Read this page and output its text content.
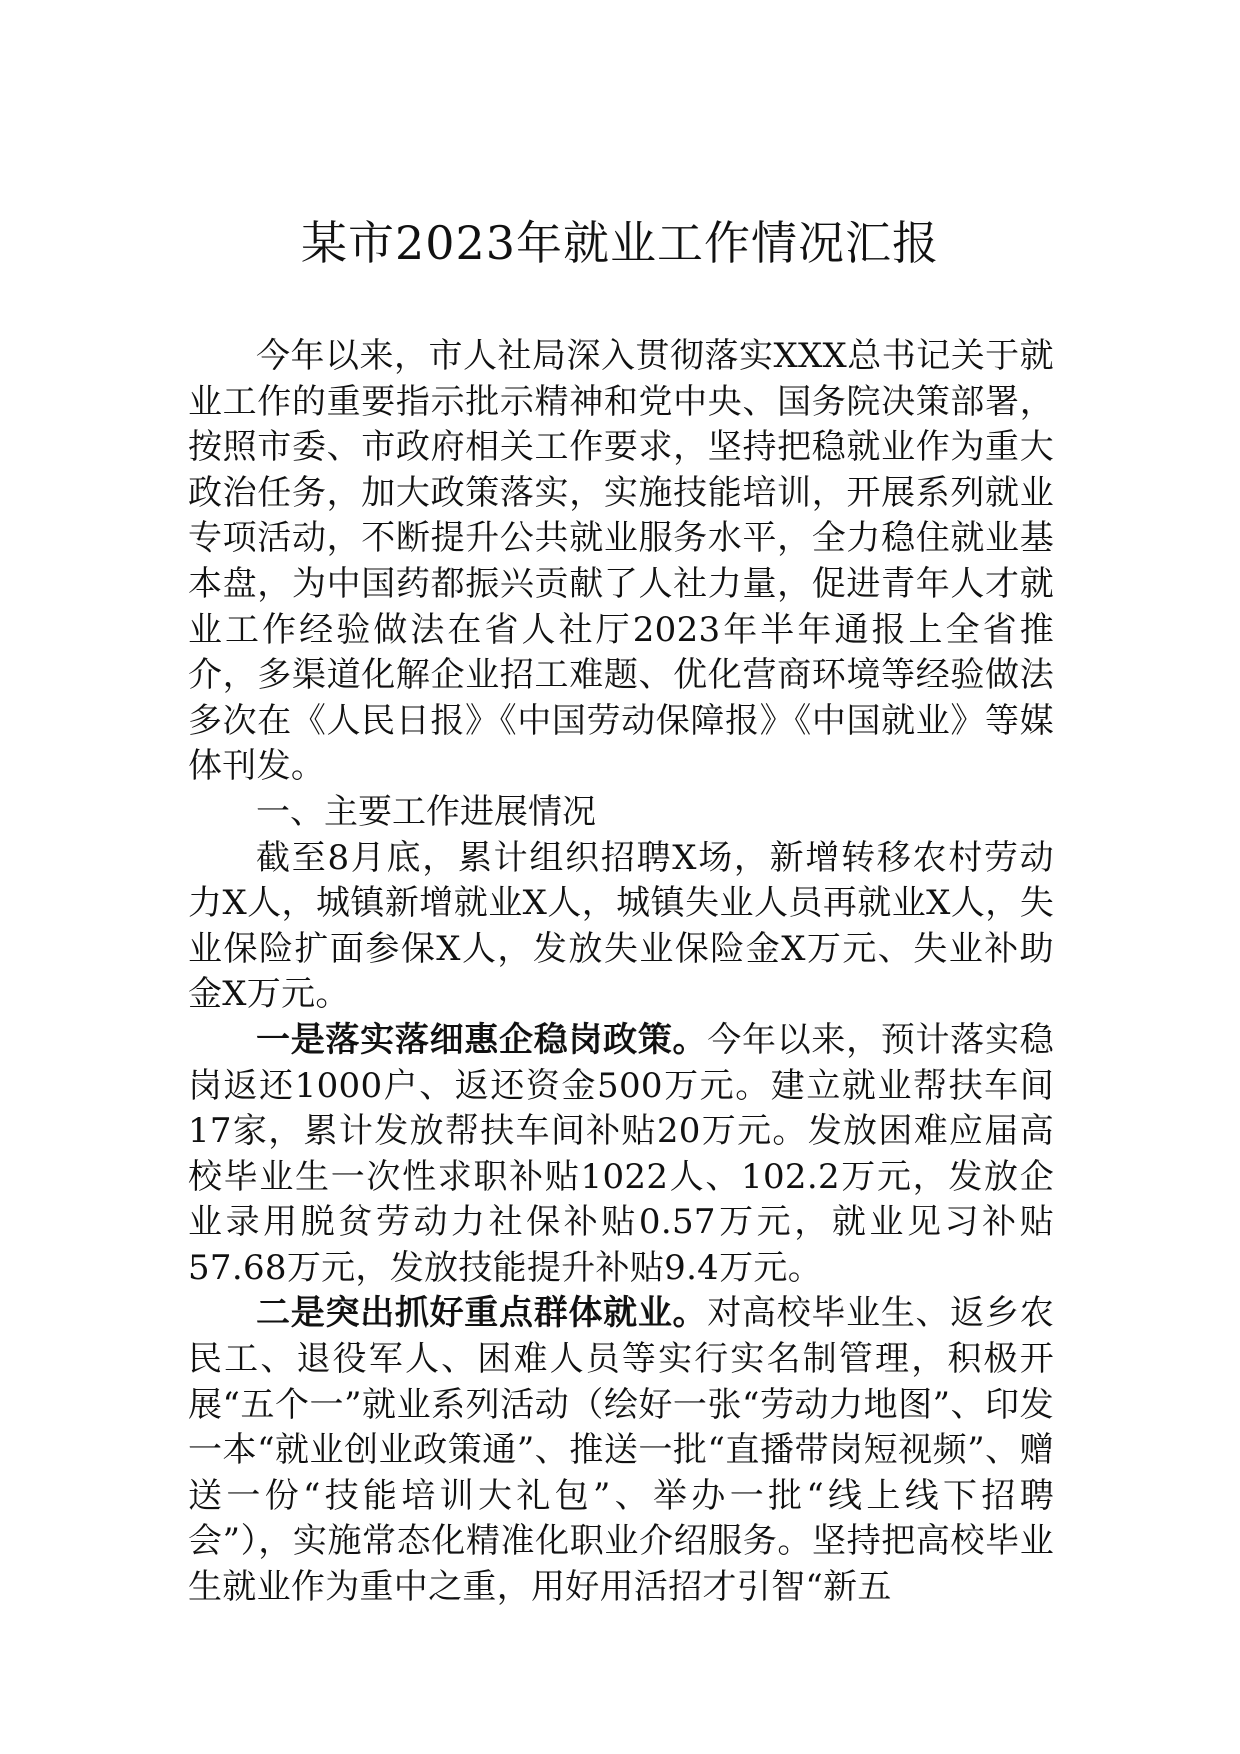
某市2023年就业工作情况汇报

今年以来，市人社局深入贯彻落实XXX总书记关于就业工作的重要指示批示精神和党中央、国务院决策部署，按照市委、市政府相关工作要求，坚持把稳就业作为重大政治任务，加大政策落实，实施技能培训，开展系列就业专项活动，不断提升公共就业服务水平，全力稳住就业基本盘，为中国药都振兴贡献了人社力量，促进青年人才就业工作经验做法在省人社厅2023年半年通报上全省推介，多渠道化解企业招工难题、优化营商环境等经验做法多次在《人民日报》《中国劳动保障报》《中国就业》等媒体刊发。

一、主要工作进展情况

截至8月底，累计组织招聘X场，新增转移农村劳动力X人，城镇新增就业X人，城镇失业人员再就业X人，失业保险扩面参保X人，发放失业保险金X万元、失业补助金X万元。

一是落实落细惠企稳岗政策。今年以来，预计落实稳岗返还1000户、返还资金500万元。建立就业帮扶车间17家，累计发放帮扶车间补贴20万元。发放困难应届高校毕业生一次性求职补贴1022人、102.2万元，发放企业录用脱贫劳动力社保补贴0.57万元，就业见习补贴57.68万元，发放技能提升补贴9.4万元。

二是突出抓好重点群体就业。对高校毕业生、返乡农民工、退役军人、困难人员等实行实名制管理，积极开展“五个一”就业系列活动（绘好一张“劳动力地图”、印发一本“就业创业政策通”、推送一批“直播带岗短视频”、赠送一份“技能培训大礼包”、举办一批“线上线下招聘会”），实施常态化精准化职业介绍服务。坚持把高校毕业生就业作为重中之重，用好用活招才引智“新五
